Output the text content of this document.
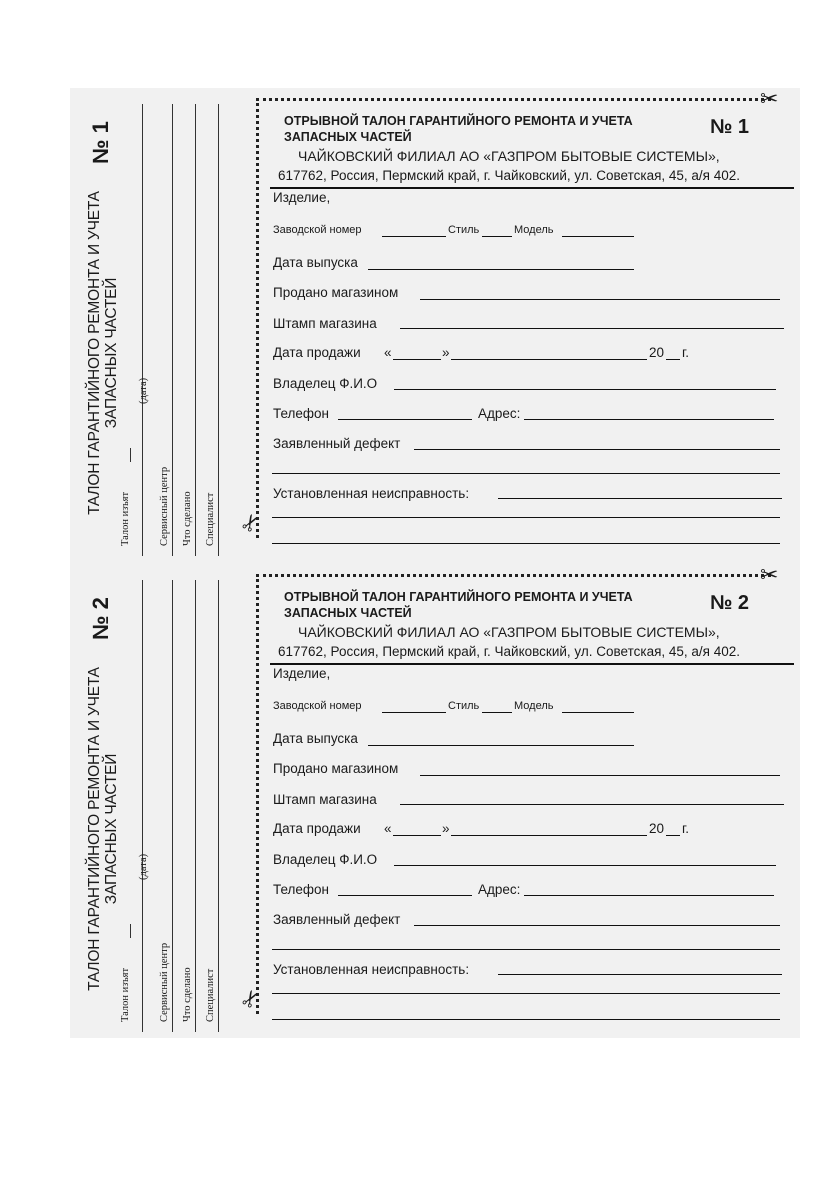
ТАЛОН ГАРАНТИЙНОГО РЕМОНТА И УЧЕТА ЗАПАСНЫХ ЧАСТЕЙ
№ 1
Талон изъят
(дата)
Сервисный центр Что сделано Специалист
✂
✂
ОТРЫВНОЙ ТАЛОН ГАРАНТИЙНОГО РЕМОНТА И УЧЕТА
ЗАПАСНЫХ ЧАСТЕЙ	№ 1
ЧАЙКОВСКИЙ ФИЛИАЛ АО «ГАЗПРОМ БЫТОВЫЕ СИСТЕМЫ»,
617762, Россия, Пермский край, г. Чайковский, ул. Советская, 45, а/я 402.
Изделие,
Заводской номер	Стиль	Модель
Дата выпуска
Продано магазином
Штамп магазина
Дата продажи «	»	20 г.
Владелец Ф.И.О
Телефон	Адрес:
Заявленный дефект
Установленная неисправность:
ТАЛОН ГАРАНТИЙНОГО РЕМОНТА И УЧЕТА ЗАПАСНЫХ ЧАСТЕЙ
№ 2
Талон изъят
(дата)
Сервисный центр Что сделано Специалист
✂
✂
ОТРЫВНОЙ ТАЛОН ГАРАНТИЙНОГО РЕМОНТА И УЧЕТА
ЗАПАСНЫХ ЧАСТЕЙ	№ 2
ЧАЙКОВСКИЙ ФИЛИАЛ АО «ГАЗПРОМ БЫТОВЫЕ СИСТЕМЫ»,
617762, Россия, Пермский край, г. Чайковский, ул. Советская, 45, а/я 402.
Изделие,
Заводской номер	Стиль	Модель
Дата выпуска
Продано магазином
Штамп магазина
Дата продажи «	»	20 г.
Владелец Ф.И.О
Телефон	Адрес:
Заявленный дефект
Установленная неисправность:
